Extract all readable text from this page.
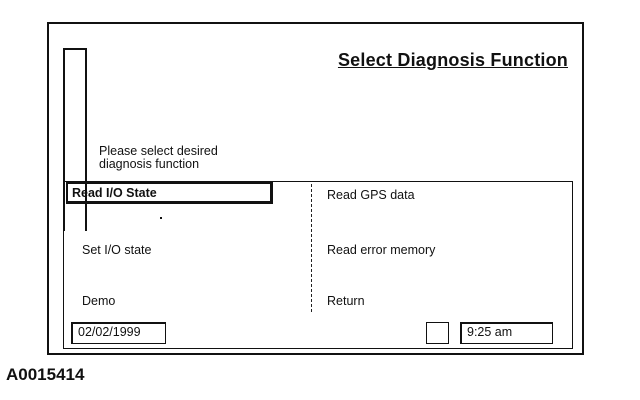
Select Diagnosis Function
Please select desired
diagnosis function
Read I/O State
Set I/O state
Demo
Read GPS data
Read error memory
Return
02/02/1999	9:25 am
A0015414
